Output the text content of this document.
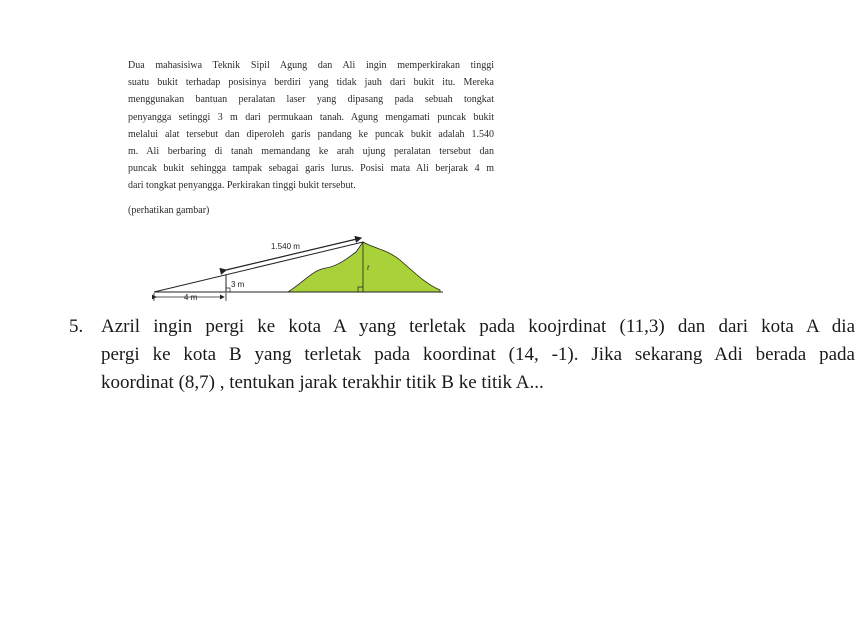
Dua mahasisiwa Teknik Sipil Agung dan Ali ingin memperkirakan tinggi
suatu bukit terhadap posisinya berdiri yang tidak jauh dari bukit itu. Mereka
menggunakan bantuan peralatan laser yang dipasang pada sebuah tongkat
penyangga setinggi 3 m dari permukaan tanah. Agung mengamati puncak bukit
melalui alat tersebut dan diperoleh garis pandang ke puncak bukit adalah 1.540
m. Ali berbaring di tanah memandang ke arah ujung peralatan tersebut dan
puncak bukit sehingga tampak sebagai garis lurus. Posisi mata Ali berjarak 4 m
dari tongkat penyangga. Perkirakan tinggi bukit tersebut.
(perhatikan gambar)
1.540 m
3 m
4 m
t
5. Azril ingin pergi ke kota A yang terletak pada koojrdinat (11,3) dan dari kota A dia
pergi ke kota B yang terletak pada koordinat (14, -1). Jika sekarang Adi berada pada
koordinat (8,7) , tentukan jarak terakhir titik B ke titik A...
